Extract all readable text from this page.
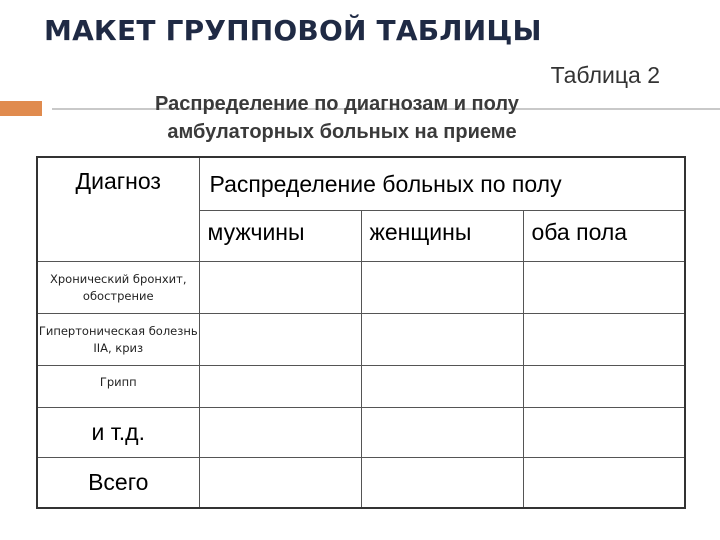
МАКЕТ ГРУППОВОЙ ТАБЛИЦЫ
Таблица 2
Распределение по диагнозам и полу
амбулаторных больных на приеме
Диагноз	Распределение больных по полу		
	мужчины	женщины	оба пола
Хронический бронхит, обострение			
Гипертоническая болезнь IIА, криз			
Грипп			
и т.д.			
Всего			
